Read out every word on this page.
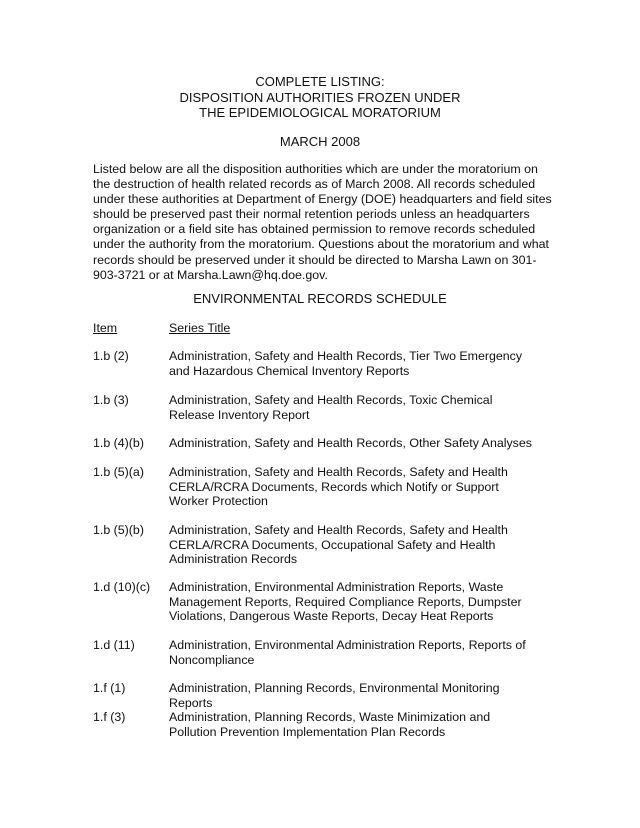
COMPLETE LISTING:
DISPOSITION AUTHORITIES FROZEN UNDER
THE EPIDEMIOLOGICAL MORATORIUM
MARCH 2008
Listed below are all the disposition authorities which are under the moratorium on the destruction of health related records as of March 2008. All records scheduled under these authorities at Department of Energy (DOE) headquarters and field sites should be preserved past their normal retention periods unless an headquarters organization or a field site has obtained permission to remove records scheduled under the authority from the moratorium. Questions about the moratorium and what records should be preserved under it should be directed to Marsha Lawn on 301-903-3721 or at Marsha.Lawn@hq.doe.gov.
ENVIRONMENTAL RECORDS SCHEDULE
Item	Series Title
1.b (2)	Administration, Safety and Health Records, Tier Two Emergency and Hazardous Chemical Inventory Reports
1.b (3)	Administration, Safety and Health Records, Toxic Chemical Release Inventory Report
1.b (4)(b)	Administration, Safety and Health Records, Other Safety Analyses
1.b (5)(a)	Administration, Safety and Health Records, Safety and Health CERLA/RCRA Documents, Records which Notify or Support Worker Protection
1.b (5)(b)	Administration, Safety and Health Records, Safety and Health CERLA/RCRA Documents, Occupational Safety and Health Administration Records
1.d (10)(c)	Administration, Environmental Administration Reports, Waste Management Reports, Required Compliance Reports, Dumpster Violations, Dangerous Waste Reports, Decay Heat Reports
1.d (11)	Administration, Environmental Administration Reports, Reports of Noncompliance
1.f (1)	Administration, Planning Records, Environmental Monitoring Reports
1.f (3)	Administration, Planning Records, Waste Minimization and Pollution Prevention Implementation Plan Records
